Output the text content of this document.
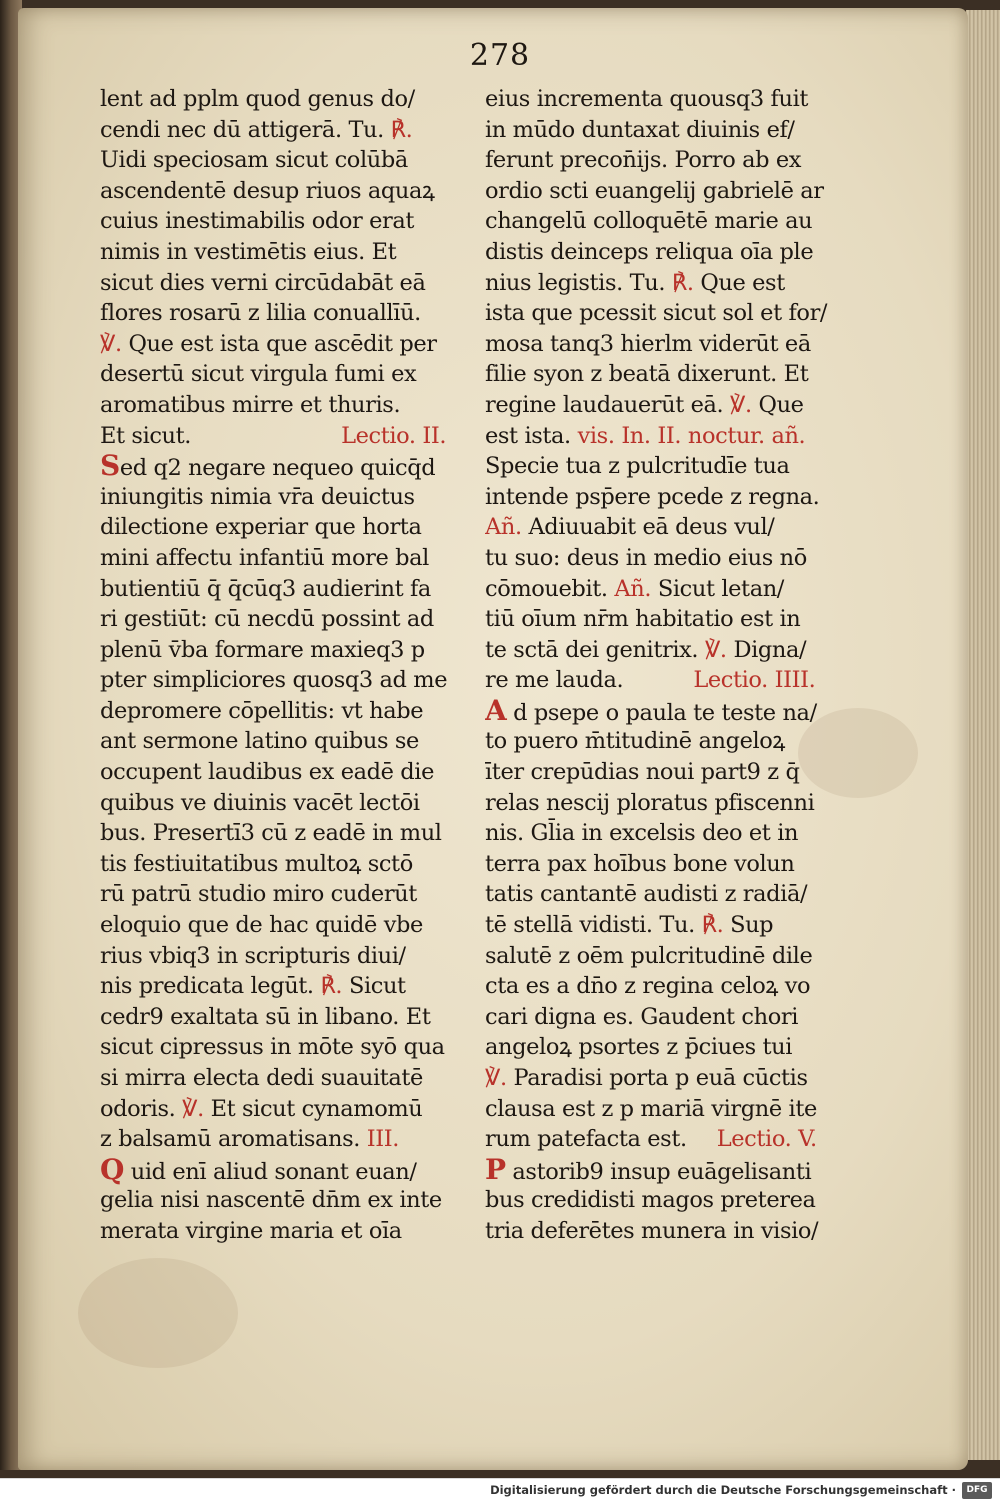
278
lent ad pplm quod genus do/
cendi nec dū attigerā. Tu. ℟.
Uidi speciosam sicut colūbā
ascendentē desup riuos aquaꝝ
cuius inestimabilis odor erat
nimis in vestimētis eius. Et
sicut dies verni circūdabāt eā
flores rosarū z lilia conuallīū.
℣. Que est ista que ascēdit per
desertū sicut virgula fumi ex
aromatibus mirre et thuris.
Et sicut.	Lectio. II.
Sed q2 negare nequeo quicq̄d
iniungitis nimia vr̄a deuictus
dilectione experiar que horta
mini affectu infantiū more bal
butientiū q̄ q̄cūq3 audierint fa
ri gestiūt: cū necdū possint ad
plenū v̄ba formare maxieq3 p
pter simpliciores quosq3 ad me
depromere cōpellitis: vt habe
ant sermone latino quibus se
occupent laudibus ex eadē die
quibus ve diuinis vacēt lectōi
bus. Presertī3 cū z eadē in mul
tis festiuitatibus multoꝝ sctō
rū patrū studio miro cuderūt
eloquio que de hac quidē vbe
rius vbiq3 in scripturis diui/
nis predicata legūt. ℟. Sicut
cedr9 exaltata sū in libano. Et
sicut cipressus in mōte syō qua
si mirra electa dedi suauitatē
odoris. ℣. Et sicut cynamomū
z balsamū aromatisans. III.
Q uid enī aliud sonant euan/
gelia nisi nascentē dn̄m ex inte
merata virgine maria et oīa
eius incrementa quousq3 fuit
in mūdo duntaxat diuinis ef/
ferunt precon̄ijs. Porro ab ex
ordio scti euangelij gabrielē ar
changelū colloquētē marie au
distis deinceps reliqua oīa ple
nius legistis. Tu. ℟. Que est
ista que pcessit sicut sol et for/
mosa tanq3 hierlm viderūt eā
filie syon z beatā dixerunt. Et
regine laudauerūt eā. ℣. Que
est ista. vis. In. II. noctur. añ.
Specie tua z pulcritudīe tua
intende psp̄ere pcede z regna.
Añ. Adiuuabit eā deus vul/
tu suo: deus in medio eius nō
cōmouebit. Añ. Sicut letan/
tiū oīum nr̄m habitatio est in
te sctā dei genitrix. ℣. Digna/
re me lauda.	Lectio. IIII.
A d psepe o paula te teste na/
to puero m̄titudinē angeloꝝ
īter crepūdias noui part9 z q̄
relas nescij ploratus pfiscenni
nis. Gl̄ia in excelsis deo et in
terra pax hoībus bone volun
tatis cantantē audisti z radiā/
tē stellā vidisti. Tu. ℟. Sup
salutē z oēm pulcritudinē dile
cta es a dn̄o z regina celoꝝ vo
cari digna es. Gaudent chori
angeloꝝ psortes z p̄ciues tui
℣. Paradisi porta p euā cūctis
clausa est z p mariā virgnē ite
rum patefacta est. Lectio. V.
P astorib9 insup euāgelisanti
bus credidisti magos preterea
tria deferētes munera in visio/
Digitalisierung gefördert durch die Deutsche Forschungsgemeinschaft ·	DFG
